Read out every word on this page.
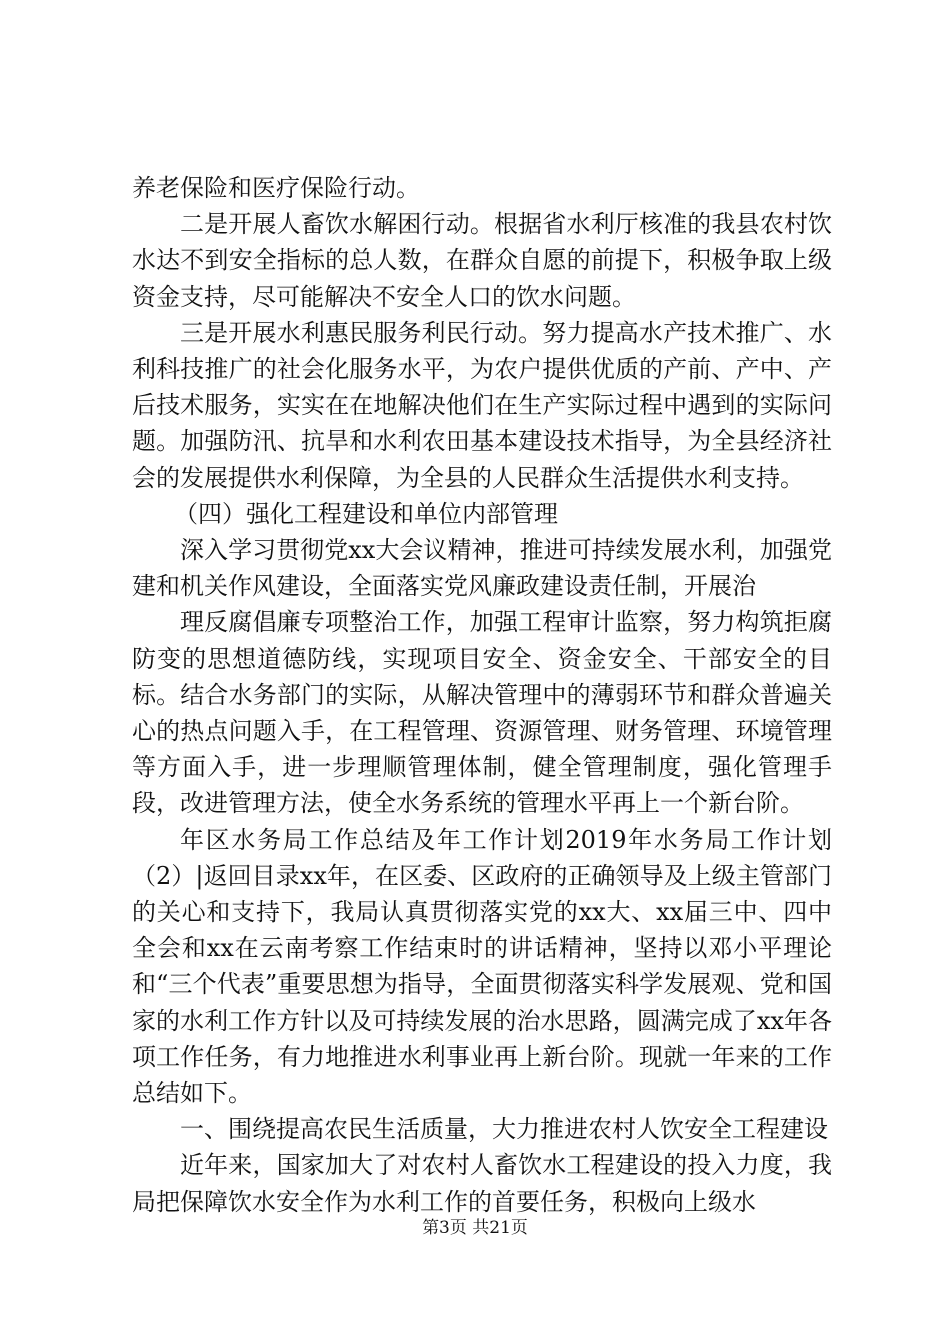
养老保险和医疗保险行动。

二是开展人畜饮水解困行动。根据省水利厅核准的我县农村饮水达不到安全指标的总人数，在群众自愿的前提下，积极争取上级资金支持，尽可能解决不安全人口的饮水问题。

三是开展水利惠民服务利民行动。努力提高水产技术推广、水利科技推广的社会化服务水平，为农户提供优质的产前、产中、产后技术服务，实实在在地解决他们在生产实际过程中遇到的实际问题。加强防汛、抗旱和水利农田基本建设技术指导，为全县经济社会的发展提供水利保障，为全县的人民群众生活提供水利支持。

（四）强化工程建设和单位内部管理

深入学习贯彻党xx大会议精神，推进可持续发展水利，加强党建和机关作风建设，全面落实党风廉政建设责任制，开展治

理反腐倡廉专项整治工作，加强工程审计监察，努力构筑拒腐防变的思想道德防线，实现项目安全、资金安全、干部安全的目标。结合水务部门的实际，从解决管理中的薄弱环节和群众普遍关心的热点问题入手，在工程管理、资源管理、财务管理、环境管理等方面入手，进一步理顺管理体制，健全管理制度，强化管理手段，改进管理方法，使全水务系统的管理水平再上一个新台阶。

年区水务局工作总结及年工作计划2019年水务局工作计划（2）|返回目录xx年，在区委、区政府的正确领导及上级主管部门的关心和支持下，我局认真贯彻落实党的xx大、xx届三中、四中全会和xx在云南考察工作结束时的讲话精神，坚持以邓小平理论和“三个代表”重要思想为指导，全面贯彻落实科学发展观、党和国家的水利工作方针以及可持续发展的治水思路，圆满完成了xx年各项工作任务，有力地推进水利事业再上新台阶。现就一年来的工作总结如下。

一、围绕提高农民生活质量，大力推进农村人饮安全工程建设

近年来，国家加大了对农村人畜饮水工程建设的投入力度，我局把保障饮水安全作为水利工作的首要任务，积极向上级水

第3页 共21页
